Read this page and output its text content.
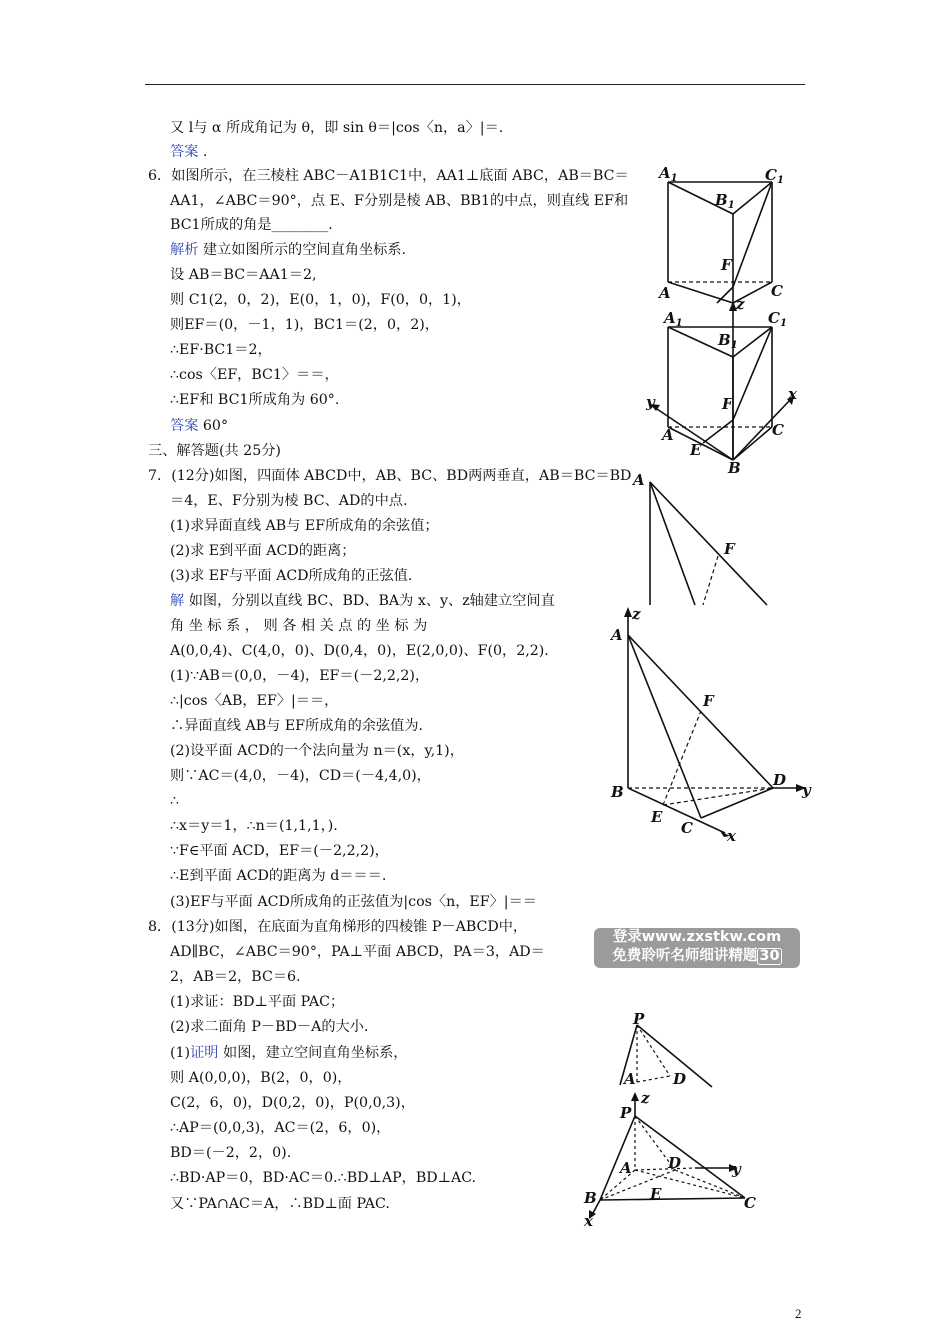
又 l与 α 所成角记为 θ，即 sin θ＝|cos〈n，a〉|＝.
答案 .
6．如图所示，在三棱柱 ABC－A1B1C1中，AA1⊥底面 ABC，AB＝BC＝
AA1，∠ABC＝90°，点 E、F分别是棱 AB、BB1的中点，则直线 EF和
BC1所成的角是________.
解析 建立如图所示的空间直角坐标系.
设 AB＝BC＝AA1＝2,
则 C1(2，0，2)，E(0，1，0)，F(0，0，1)，
则EF＝(0，－1，1)，BC1＝(2，0，2)，
∴EF·BC1＝2，
∴cos〈EF，BC1〉＝＝，
∴EF和 BC1所成角为 60°.
答案 60°
三、解答题(共 25分)
7．(12分)如图，四面体 ABCD中，AB、BC、BD两两垂直，AB＝BC＝BD
＝4，E、F分别为棱 BC、AD的中点.
(1)求异面直线 AB与 EF所成角的余弦值；
(2)求 E到平面 ACD的距离；
(3)求 EF与平面 ACD所成角的正弦值.
解 如图，分别以直线 BC、BD、BA为 x、y、z轴建立空间直
角 坐 标 系 ， 则 各 相 关 点 的 坐 标 为
A(0,0,4)、C(4,0，0)、D(0,4，0)，E(2,0,0)、F(0，2,2).
(1)∵AB＝(0,0，－4)，EF＝(－2,2,2)，
∴|cos〈AB，EF〉|＝＝，
∴异面直线 AB与 EF所成角的余弦值为.
(2)设平面 ACD的一个法向量为 n＝(x，y,1)，
则∵AC＝(4,0，－4)，CD＝(－4,4,0)，
∴
∴x＝y＝1，∴n＝(1,1,1，).
∵F∈平面 ACD，EF＝(－2,2,2)，
∴E到平面 ACD的距离为 d＝＝＝.
(3)EF与平面 ACD所成角的正弦值为|cos〈n，EF〉|＝＝
8．(13分)如图，在底面为直角梯形的四棱锥 P－ABCD中，
AD∥BC，∠ABC＝90°，PA⊥平面 ABCD，PA＝3，AD＝
2，AB＝2，BC＝6.
(1)求证：BD⊥平面 PAC；
(2)求二面角 P－BD－A的大小.
(1)证明 如图，建立空间直角坐标系，
则 A(0,0,0)，B(2，0，0)，
C(2，6，0)，D(0,2，0)，P(0,0,3)，
∴AP＝(0,0,3)，AC＝(2，6，0)，
BD＝(－2，2，0).
∴BD·AP＝0，BD·AC＝0.∴BD⊥AP，BD⊥AC.
又∵PA∩AC＝A，∴BD⊥面 PAC.
$A_1$	$C_1$
$B_1$
F
A	C
z
$A_1$	$C_1$
$B_1$
y	x
F
A	C
E
B
A
F
z
A
F
B
D
y
E
C x
登录www.zxstkw.com
免费聆听名师细讲精题 30
P
A D
P
z
A D	y
B	E	C
x
2
